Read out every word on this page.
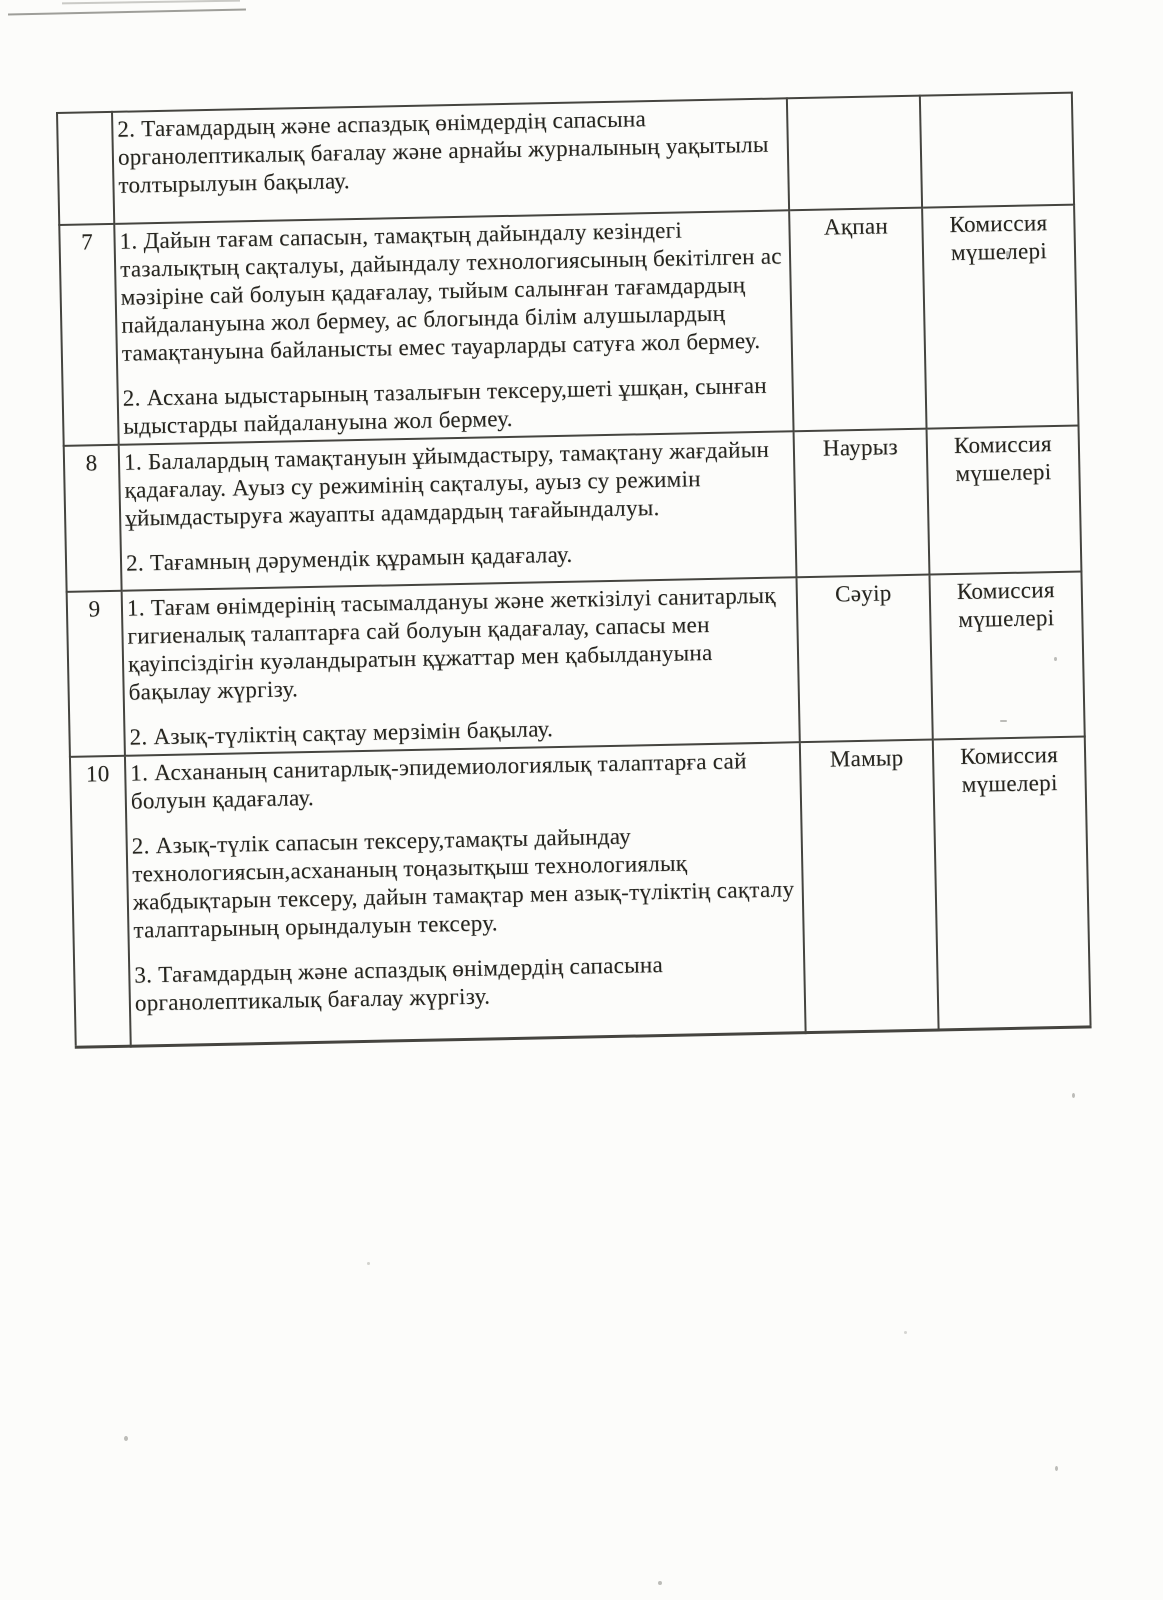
	2. Тағамдардың және аспаздық өнімдердің сапасына органолептикалық бағалау және арнайы журналының уақытылы толтырылуын бақылау.		

7	1. Дайын тағам сапасын, тамақтың дайындалу кезіндегі тазалықтың сақталуы, дайындалу технологиясының бекітілген ас мәзіріне сай болуын қадағалау, тыйым салынған тағамдардың пайдалануына жол бермеу, ас блогында білім алушылардың тамақтануына байланысты емес тауарларды сатуға жол бермеу.

2. Асхана ыдыстарының тазалығын тексеру,шеті ұшқан, сынған ыдыстарды пайдалануына жол бермеу.	Ақпан	Комиссия мүшелері
8	1. Балалардың тамақтануын ұйымдастыру, тамақтану жағдайын қадағалау. Ауыз су режимінің сақталуы, ауыз су режимін ұйымдастыруға жауапты адамдардың тағайындалуы.

2. Тағамның дәрумендік құрамын қадағалау.	Наурыз	Комиссия мүшелері
9	1. Тағам өнімдерінің тасымалдануы және жеткізілуі санитарлық гигиеналық талаптарға сай болуын қадағалау, сапасы мен қауіпсіздігін куәландыратын құжаттар мен қабылдануына бақылау жүргізу.

2. Азық-түліктің сақтау мерзімін бақылау.	Сәуір	Комиссия мүшелері
10	1. Асхананың санитарлық-эпидемиологиялық талаптарға сай болуын қадағалау.

2. Азық-түлік сапасын тексеру,тамақты дайындау технологиясын,асхананың тоңазытқыш технологиялық жабдықтарын тексеру, дайын тамақтар мен азық-түліктің сақталу талаптарының орындалуын тексеру.

3. Тағамдардың және аспаздық өнімдердің сапасына органолептикалық бағалау жүргізу.	Мамыр	Комиссия мүшелері
